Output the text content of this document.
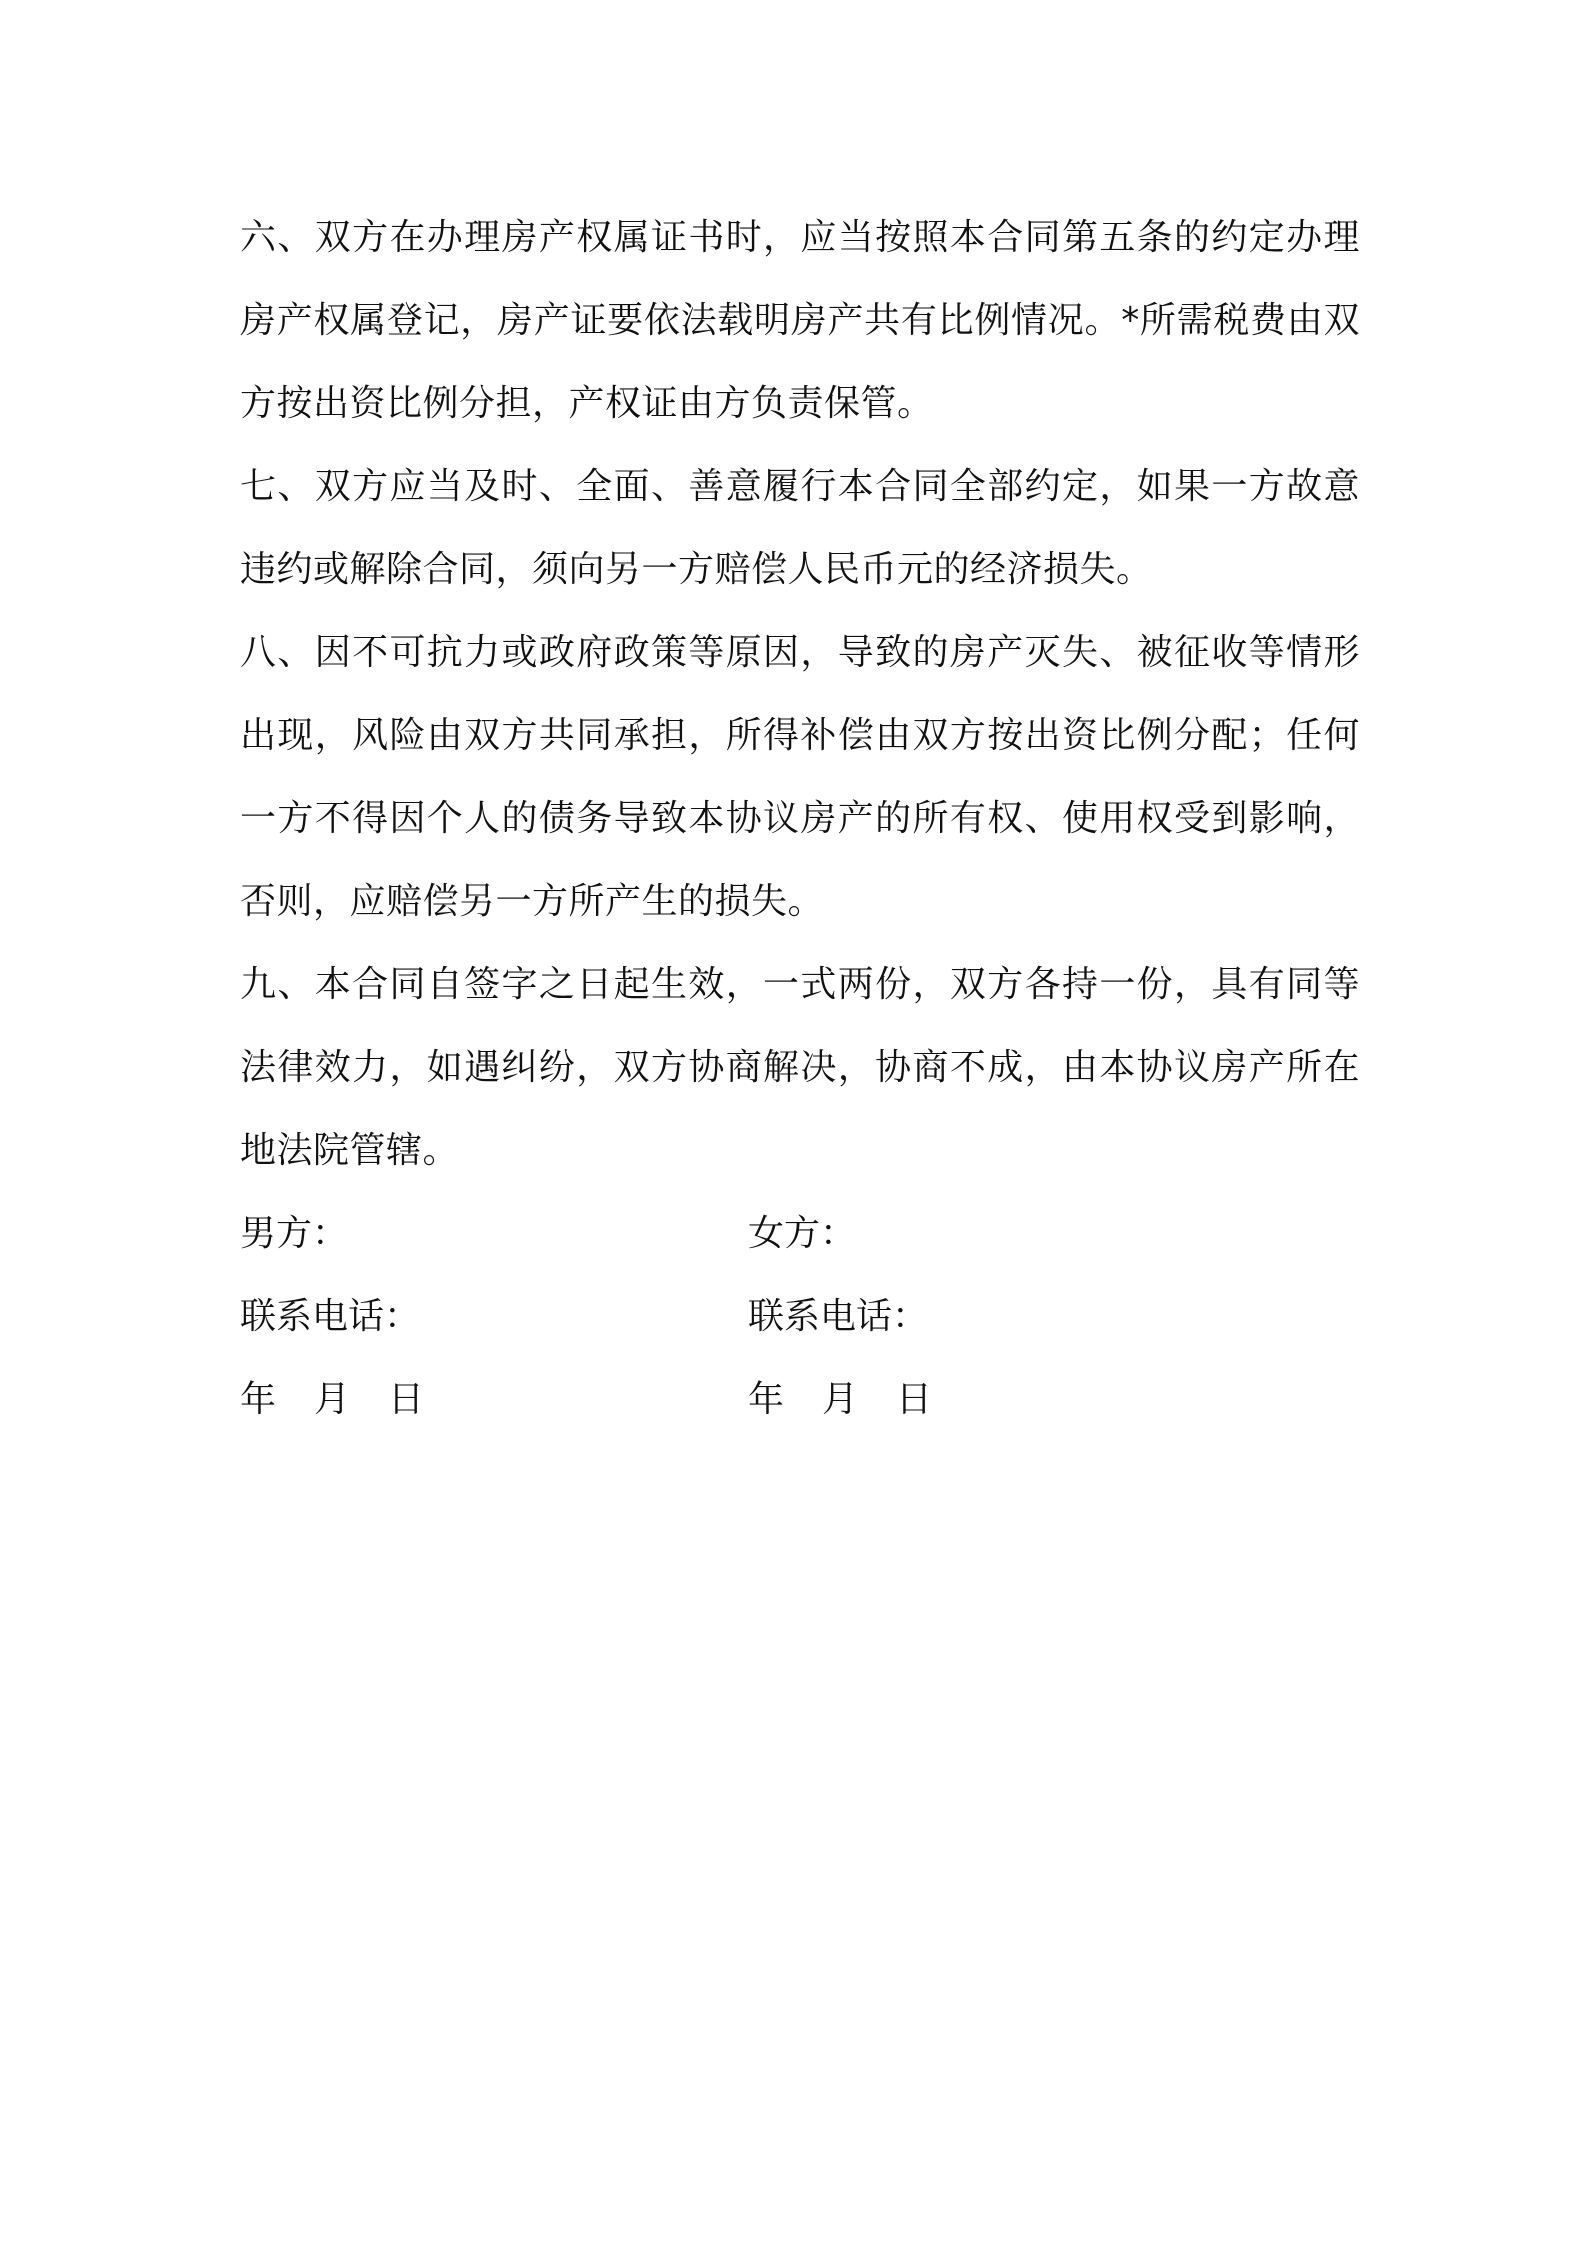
六、双方在办理房产权属证书时，应当按照本合同第五条的约定办理房产权属登记，房产证要依法载明房产共有比例情况。*所需税费由双方按出资比例分担，产权证由方负责保管。

七、双方应当及时、全面、善意履行本合同全部约定，如果一方故意违约或解除合同，须向另一方赔偿人民币元的经济损失。

八、因不可抗力或政府政策等原因，导致的房产灭失、被征收等情形出现，风险由双方共同承担，所得补偿由双方按出资比例分配；任何一方不得因个人的债务导致本协议房产的所有权、使用权受到影响，否则，应赔偿另一方所产生的损失。

九、本合同自签字之日起生效，一式两份，双方各持一份，具有同等法律效力，如遇纠纷，双方协商解决，协商不成，由本协议房产所在地法院管辖。

男方：	女方：
联系电话：	联系电话：
年 月 日	年 月 日
